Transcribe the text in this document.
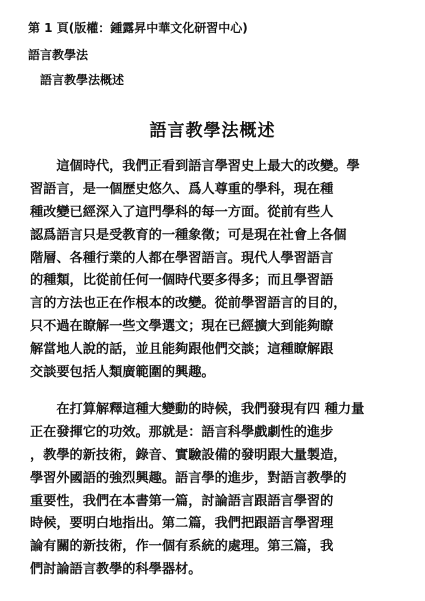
第 1 頁(版權：鍾露昇中華文化研習中心)
語言教學法
語言教學法概述
語言教學法概述
　　這個時代，我們正看到語言學習史上最大的改變。學
習語言，是一個歷史悠久、爲人尊重的學科，現在種
種改變已經深入了這門學科的每一方面。從前有些人
認爲語言只是受教育的一種象徵；可是現在社會上各個
階層、各種行業的人都在學習語言。現代人學習語言
的種類，比從前任何一個時代要多得多；而且學習語
言的方法也正在作根本的改變。從前學習語言的目的，
只不過在瞭解一些文學選文；現在已經擴大到能夠瞭
解當地人說的話，並且能夠跟他們交談；這種瞭解跟
交談要包括人類廣範圍的興趣。
　　在打算解釋這種大變動的時候，我們發現有四 種力量
正在發揮它的功效。那就是：語言科學戲劇性的進步
，教學的新技術，錄音、實驗設備的發明跟大量製造，
學習外國語的強烈興趣。語言學的進步，對語言教學的
重要性，我們在本書第一篇，討論語言跟語言學習的
時候，要明白地指出。第二篇，我們把跟語言學習理
論有關的新技術，作一個有系統的處理。第三篇，我
們討論語言教學的科學器材。
